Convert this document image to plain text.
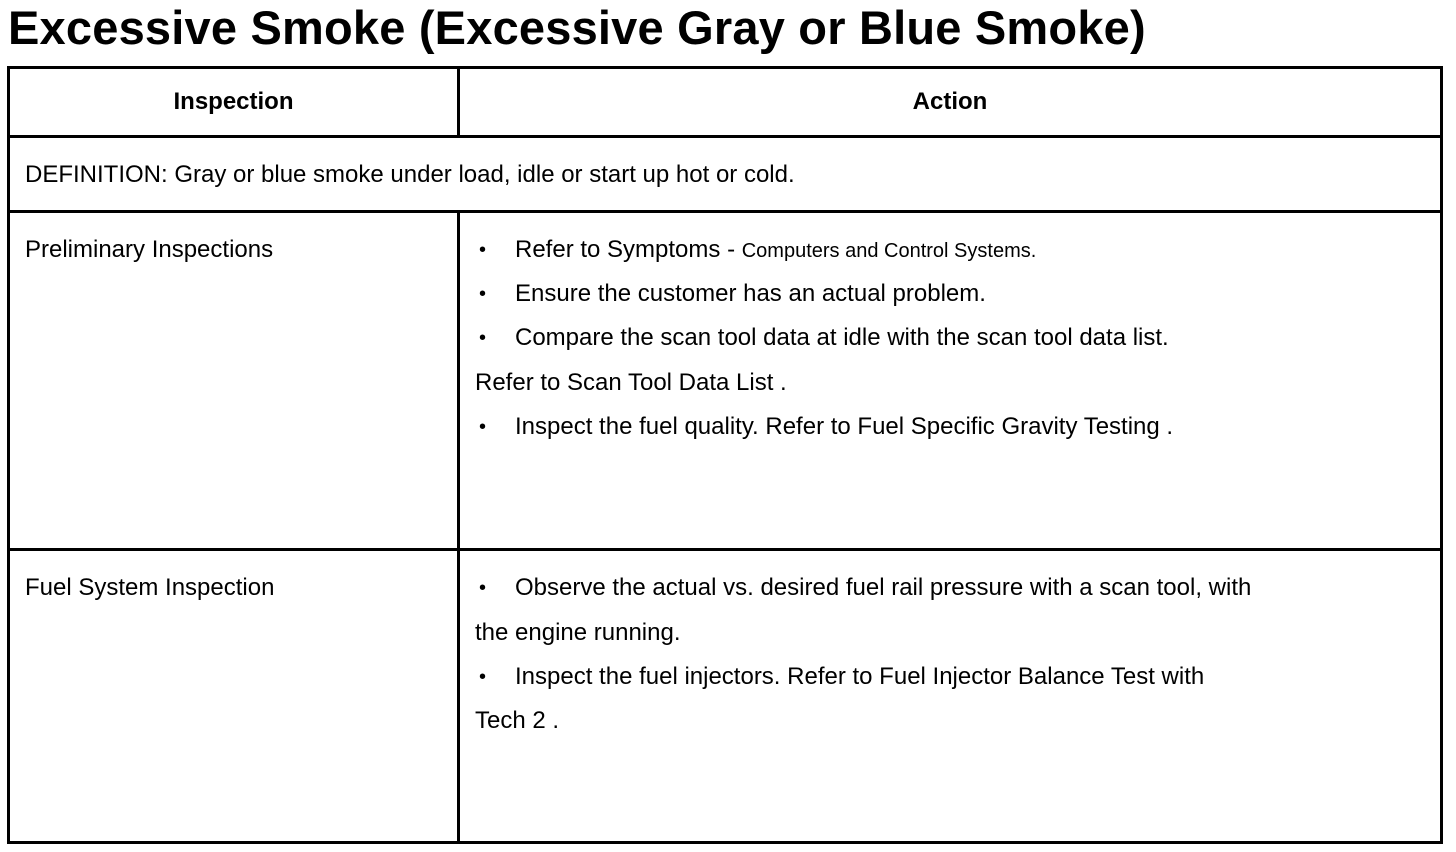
Excessive Smoke (Excessive Gray or Blue Smoke)
Inspection	Action
DEFINITION: Gray or blue smoke under load, idle or start up hot or cold.
Preliminary Inspections	• Refer to Symptoms - Computers and Control Systems.
• Ensure the customer has an actual problem.
• Compare the scan tool data at idle with the scan tool data list.
Refer to Scan Tool Data List .
• Inspect the fuel quality. Refer to Fuel Specific Gravity Testing .
Fuel System Inspection	• Observe the actual vs. desired fuel rail pressure with a scan tool, with
the engine running.
• Inspect the fuel injectors. Refer to Fuel Injector Balance Test with
Tech 2 .
